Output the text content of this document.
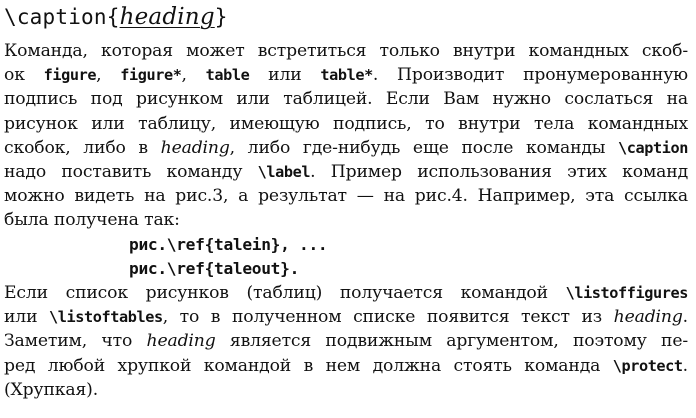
\caption{heading}
Команда, которая может встретиться только внутри командных скоб-
ок figure, figure*, table или table*. Производит пронумерованную
подпись под рисунком или таблицей. Если Вам нужно сослаться на
рисунок или таблицу, имеющую подпись, то внутри тела командных
скобок, либо в heading, либо где-нибудь еще после команды \caption
надо поставить команду \label. Пример использования этих команд
можно видеть на рис.3, а результат — на рис.4. Например, эта ссылка
была получена так:
рис.\ref{talein}, ...
рис.\ref{taleout}.
Если список рисунков (таблиц) получается командой \listoffigures
или \listoftables, то в полученном списке появится текст из heading.
Заметим, что heading является подвижным аргументом, поэтому пе-
ред любой хрупкой командой в нем должна стоять команда \protect.
(Хрупкая).
